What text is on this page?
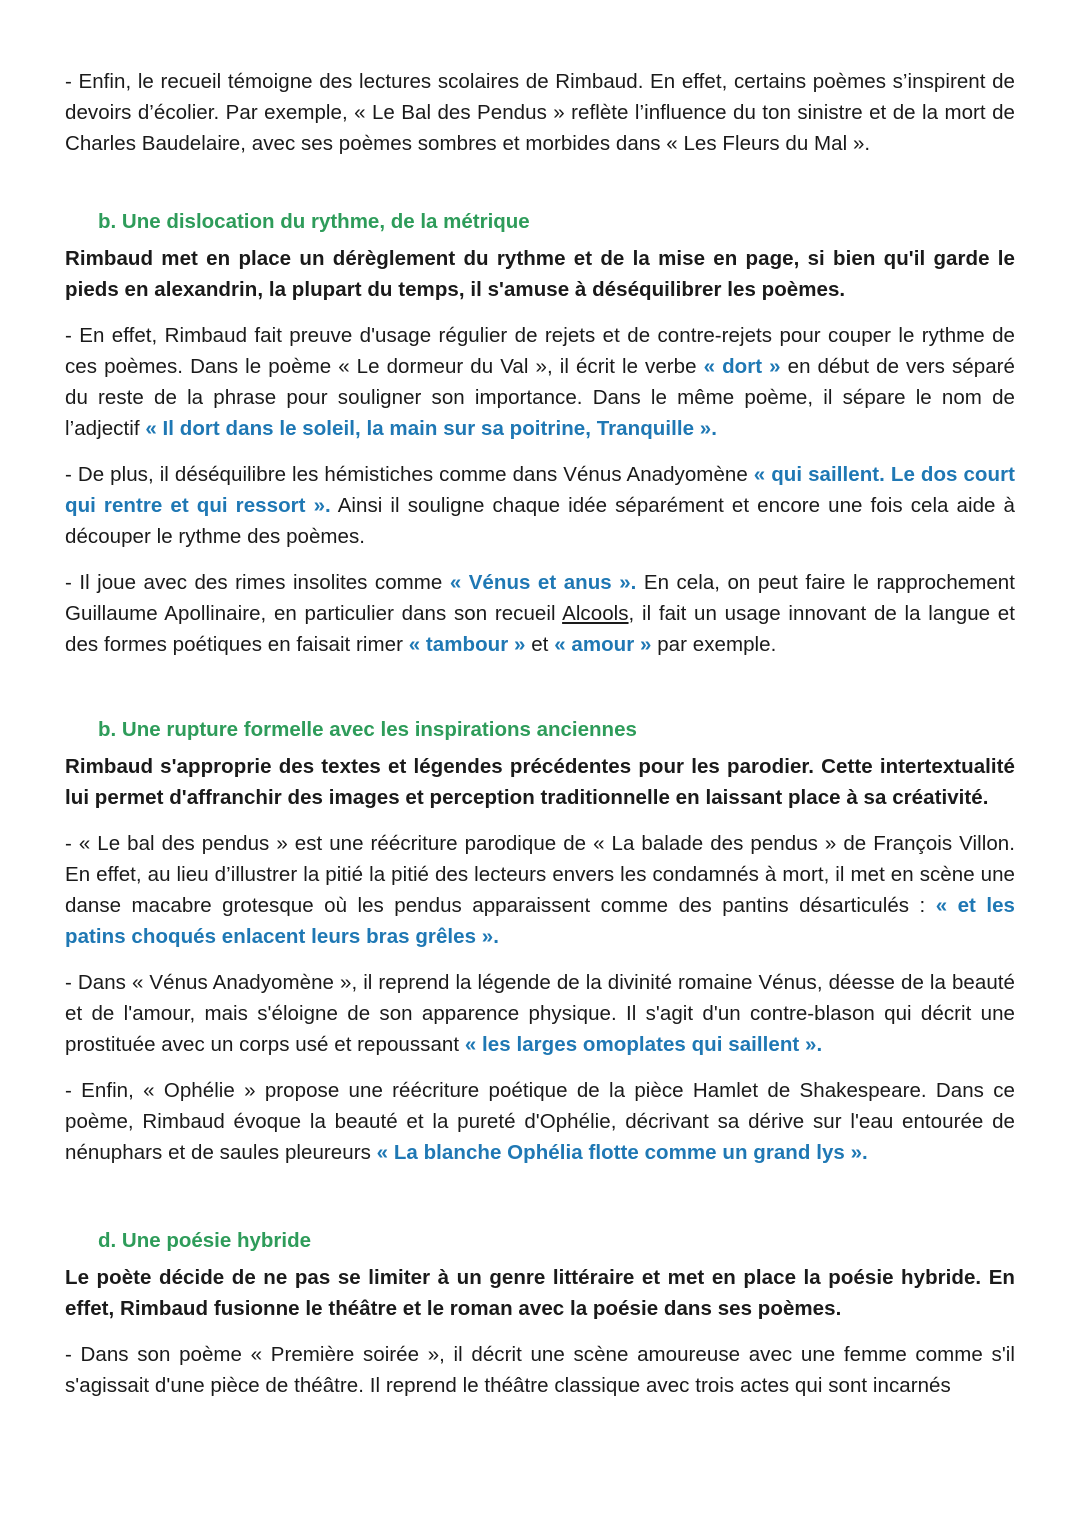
- Enfin, le recueil témoigne des lectures scolaires de Rimbaud. En effet, certains poèmes s’inspirent de devoirs d’écolier. Par exemple, « Le Bal des Pendus » reflète l’influence du ton sinistre et de la mort de Charles Baudelaire, avec ses poèmes sombres et morbides dans « Les Fleurs du Mal ».

b. Une dislocation du rythme, de la métrique

Rimbaud met en place un dérèglement du rythme et de la mise en page, si bien qu'il garde le pieds en alexandrin, la plupart du temps, il s'amuse à déséquilibrer les poèmes.

- En effet, Rimbaud fait preuve d'usage régulier de rejets et de contre-rejets pour couper le rythme de ces poèmes. Dans le poème « Le dormeur du Val », il écrit le verbe « dort » en début de vers séparé du reste de la phrase pour souligner son importance. Dans le même poème, il sépare le nom de l’adjectif « Il dort dans le soleil, la main sur sa poitrine, Tranquille ».

- De plus, il déséquilibre les hémistiches comme dans Vénus Anadyomène « qui saillent. Le dos court qui rentre et qui ressort ». Ainsi il souligne chaque idée séparément et encore une fois cela aide à découper le rythme des poèmes.

- Il joue avec des rimes insolites comme « Vénus et anus ». En cela, on peut faire le rapprochement Guillaume Apollinaire, en particulier dans son recueil Alcools, il fait un usage innovant de la langue et des formes poétiques en faisait rimer « tambour » et « amour » par exemple.

b. Une rupture formelle avec les inspirations anciennes

Rimbaud s'approprie des textes et légendes précédentes pour les parodier. Cette intertextualité lui permet d'affranchir des images et perception traditionnelle en laissant place à sa créativité.

- « Le bal des pendus » est une réécriture parodique de « La balade des pendus » de François Villon. En effet, au lieu d’illustrer la pitié la pitié des lecteurs envers les condamnés à mort, il met en scène une danse macabre grotesque où les pendus apparaissent comme des pantins désarticulés : « et les patins choqués enlacent leurs bras grêles ».

- Dans « Vénus Anadyomène », il reprend la légende de la divinité romaine Vénus, déesse de la beauté et de l'amour, mais s'éloigne de son apparence physique. Il s'agit d'un contre-blason qui décrit une prostituée avec un corps usé et repoussant « les larges omoplates qui saillent ».

- Enfin, « Ophélie » propose une réécriture poétique de la pièce Hamlet de Shakespeare. Dans ce poème, Rimbaud évoque la beauté et la pureté d'Ophélie, décrivant sa dérive sur l'eau entourée de nénuphars et de saules pleureurs « La blanche Ophélia flotte comme un grand lys ».

d. Une poésie hybride

Le poète décide de ne pas se limiter à un genre littéraire et met en place la poésie hybride. En effet, Rimbaud fusionne le théâtre et le roman avec la poésie dans ses poèmes.

- Dans son poème « Première soirée », il décrit une scène amoureuse avec une femme comme s'il s'agissait d'une pièce de théâtre. Il reprend le théâtre classique avec trois actes qui sont incarnés
